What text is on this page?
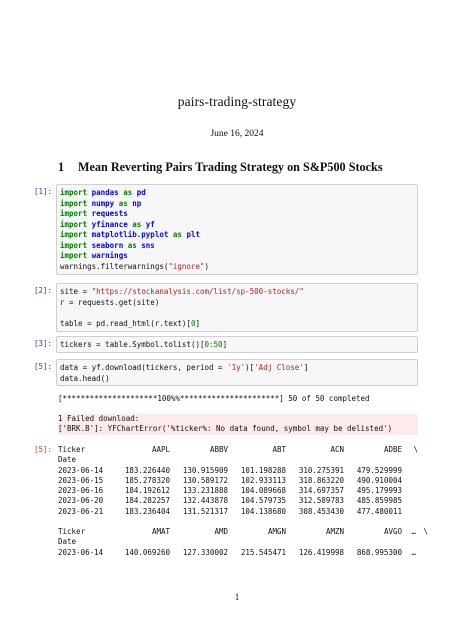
pairs-trading-strategy
June 16, 2024
1 Mean Reverting Pairs Trading Strategy on S&P500 Stocks
[1]:	import pandas as pd
import numpy as np
import requests
import yfinance as yf
import matplotlib.pyplot as plt
import seaborn as sns
import warnings
warnings.filterwarnings("ignore")
[2]:	site = "https://stockanalysis.com/list/sp-500-stocks/"
r = requests.get(site)
table = pd.read_html(r.text)[0]
[3]:	tickers = table.Symbol.tolist()[0:50]
[5]:	data = yf.download(tickers, period = '1y')['Adj Close']
data.head()
[*********************100%%**********************] 50 of 50 completed
1 Failed download:
['BRK.B']: YFChartError('%ticker%: No data found, symbol may be delisted')
[5]: Ticker	AAPL	ABBV	ABT	ACN	ADBE	\
Date						
2023-06-14	183.226440	130.915909	101.198288	310.275391	479.529999	
2023-06-15	185.278320	130.589172	102.933113	318.863220	490.910004	
2023-06-16	184.192612	133.231888	104.089668	314.697357	495.179993	
2023-06-20	184.282257	132.443878	104.579735	312.589783	485.859985	
2023-06-21	183.236404	131.521317	104.138680	308.453430	477.480011	
Ticker	AMAT	AMD	AMGN	AMZN	AVGO	…	\
Date							
2023-06-14	140.069260	127.330002	215.545471	126.419998	868.995300	…	
1
